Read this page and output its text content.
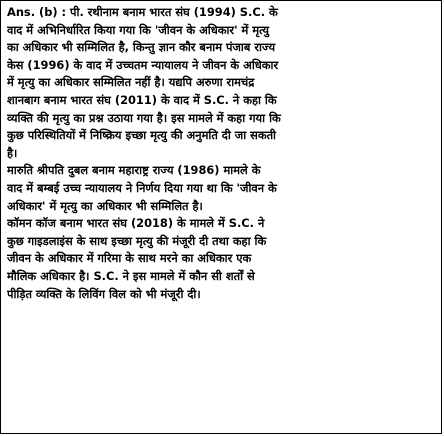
Ans. (b) : पी. रथीनाम बनाम भारत संघ (1994) S.C. के
वाद में अभिनिर्धारित किया गया कि 'जीवन के अधिकार' में मृत्यु
का अधिकार भी सम्मिलित है, किन्तु ज्ञान कौर बनाम पंजाब राज्य
केस (1996) के वाद में उच्चतम न्यायालय ने जीवन के अधिकार
में मृत्यु का अधिकार सम्मिलित नहीं है। यद्यपि अरुणा रामचंद्र
शानबाग बनाम भारत संघ (2011) के वाद में S.C. ने कहा कि
व्यक्ति की मृत्यु का प्रश्न उठाया गया है। इस मामले में कहा गया कि
कुछ परिस्थितियों में निष्क्रिय इच्छा मृत्यु की अनुमति दी जा सकती
है।

मारुति श्रीपति दुबल बनाम महाराष्ट्र राज्य (1986) मामले के
वाद में बम्बई उच्च न्यायालय ने निर्णय दिया गया था कि 'जीवन के
अधिकार' में मृत्यु का अधिकार भी सम्मिलित है।

कॉमन कॉज बनाम भारत संघ (2018) के मामले में S.C. ने
कुछ गाइडलाइंस के साथ इच्छा मृत्यु की मंजूरी दी तथा कहा कि
जीवन के अधिकार में गरिमा के साथ मरने का अधिकार एक
मौलिक अधिकार है। S.C. ने इस मामले में कौन सी शर्तों से
पीड़ित व्यक्ति के लिविंग विल को भी मंजूरी दी।
